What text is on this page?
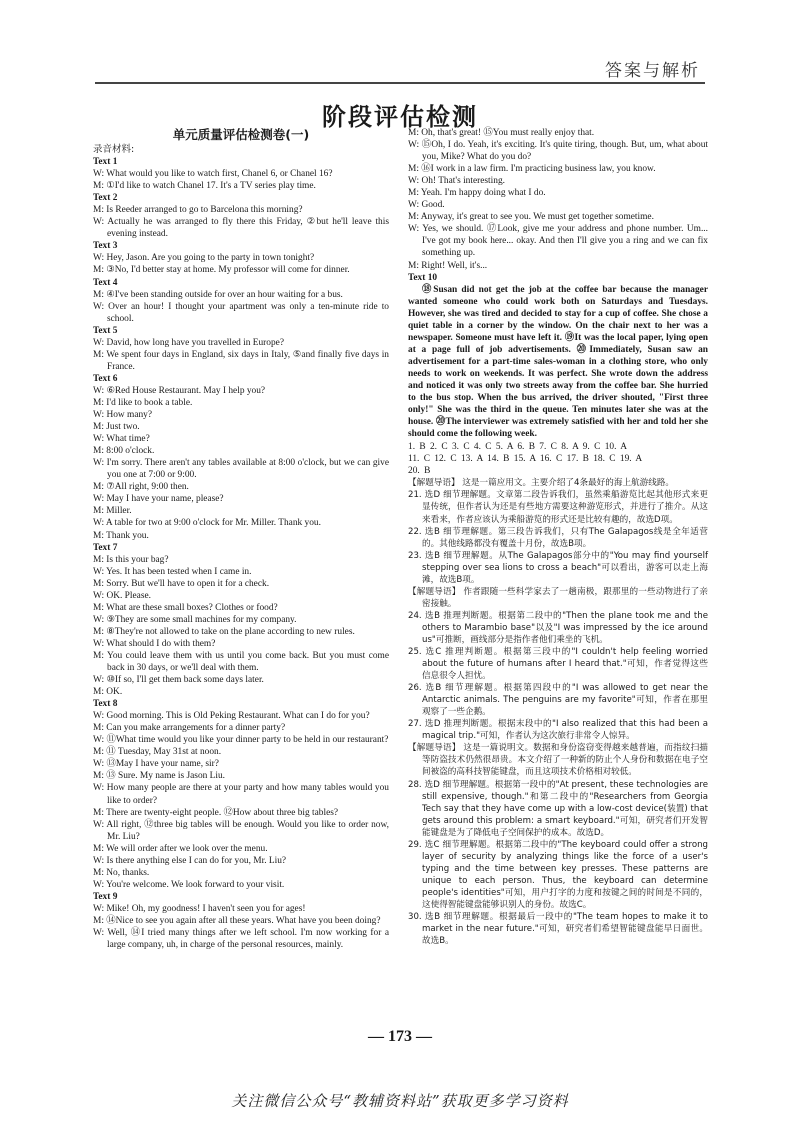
答案与解析
阶段评估检测
单元质量评估检测卷(一)
录音材料:
Text 1
W: What would you like to watch first, Chanel 6, or Chanel 16?
M: ①I'd like to watch Chanel 17. It's a TV series play time.
Text 2
M: Is Reeder arranged to go to Barcelona this morning?
W: Actually he was arranged to fly there this Friday, ②but he'll leave this evening instead.
Text 3
W: Hey, Jason. Are you going to the party in town tonight?
M: ③No, I'd better stay at home. My professor will come for dinner.
Text 4
M: ④I've been standing outside for over an hour waiting for a bus.
W: Over an hour! I thought your apartment was only a ten-minute ride to school.
Text 5
W: David, how long have you travelled in Europe?
M: We spent four days in England, six days in Italy, ⑤and finally five days in France.
Text 6
W: ⑥Red House Restaurant. May I help you?
M: I'd like to book a table.
W: How many?
M: Just two.
W: What time?
M: 8:00 o'clock.
W: I'm sorry. There aren't any tables available at 8:00 o'clock, but we can give you one at 7:00 or 9:00.
M: ⑦All right, 9:00 then.
W: May I have your name, please?
M: Miller.
W: A table for two at 9:00 o'clock for Mr. Miller. Thank you.
M: Thank you.
Text 7
M: Is this your bag?
W: Yes. It has been tested when I came in.
M: Sorry. But we'll have to open it for a check.
W: OK. Please.
M: What are these small boxes? Clothes or food?
W: ⑨They are some small machines for my company.
M: ⑧They're not allowed to take on the plane according to new rules.
W: What should I do with them?
M: You could leave them with us until you come back. But you must come back in 30 days, or we'll deal with them.
W: ⑩If so, I'll get them back some days later.
M: OK.
Text 8
W: Good morning. This is Old Peking Restaurant. What can I do for you?
M: Can you make arrangements for a dinner party?
W: ⑪What time would you like your dinner party to be held in our restaurant?
M: ⑪ Tuesday, May 31st at noon.
W: ⑬May I have your name, sir?
M: ⑬ Sure. My name is Jason Liu.
W: How many people are there at your party and how many tables would you like to order?
M: There are twenty-eight people. ⑫How about three big tables?
W: All right, ⑫three big tables will be enough. Would you like to order now, Mr. Liu?
M: We will order after we look over the menu.
W: Is there anything else I can do for you, Mr. Liu?
M: No, thanks.
W: You're welcome. We look forward to your visit.
Text 9
W: Mike! Oh, my goodness! I haven't seen you for ages!
M: ⑭Nice to see you again after all these years. What have you been doing?
W: Well, ⑭I tried many things after we left school. I'm now working for a large company, uh, in charge of the personal resources, mainly.
M: Oh, that's great! ⑮You must really enjoy that.
W: ⑮Oh, I do. Yeah, it's exciting. It's quite tiring, though. But, um, what about you, Mike? What do you do?
M: ⑯I work in a law firm. I'm practicing business law, you know.
W: Oh! That's interesting.
M: Yeah. I'm happy doing what I do.
W: Good.
M: Anyway, it's great to see you. We must get together sometime.
W: Yes, we should. ⑰Look, give me your address and phone number. Um... I've got my book here... okay. And then I'll give you a ring and we can fix something up.
M: Right! Well, it's...
Text 10
⑱Susan did not get the job at the coffee bar because the manager wanted someone who could work both on Saturdays and Tuesdays. However, she was tired and decided to stay for a cup of coffee. She chose a quiet table in a corner by the window. On the chair next to her was a newspaper. Someone must have left it. ⑲It was the local paper, lying open at a page full of job advertisements. ⑳Immediately, Susan saw an advertisement for a part-time sales-woman in a clothing store, who only needs to work on weekends. It was perfect. She wrote down the address and noticed it was only two streets away from the coffee bar. She hurried to the bus stop. When the bus arrived, the driver shouted, "First three only!" She was the third in the queue. Ten minutes later she was at the house. ⑳The interviewer was extremely satisfied with her and told her she should come the following week.
1. B 2. C 3. C 4. C 5. A 6. B 7. C 8. A 9. C 10. A
11. C 12. C 13. A 14. B 15. A 16. C 17. B 18. C 19. A
20. B
【解题导语】 这是一篇应用文。主要介绍了4条最好的海上航游线路。
21. 选D 细节理解题。文章第二段告诉我们，虽然乘船游览比起其他形式来更显传统，但作者认为还是有些地方需要这种游览形式，并进行了推介。从这来看来，作者应该认为乘船游览的形式还是比较有趣的，故选D项。
22. 选B 细节理解题。第三段告诉我们，只有The Galapagos线是全年适营的。其他线路都没有覆盖十月份，故选B项。
23. 选B 细节理解题。从The Galapagos部分中的"You may find yourself stepping over sea lions to cross a beach"可以看出，游客可以走上海滩，故选B项。
【解题导语】 作者跟随一些科学家去了一趟南极，跟那里的一些动物进行了亲密接触。
24. 选B 推理判断题。根据第二段中的"Then the plane took me and the others to Marambio base"以及"I was impressed by the ice around us"可推断，画线部分是指作者他们乘坐的飞机。
25. 选C 推理判断题。根据第三段中的"I couldn't help feeling worried about the future of humans after I heard that."可知，作者觉得这些信息很令人担忧。
26. 选B 细节理解题。根据第四段中的"I was allowed to get near the Antarctic animals. The penguins are my favorite"可知，作者在那里观察了一些企鹅。
27. 选D 推理判断题。根据末段中的"I also realized that this had been a magical trip."可知，作者认为这次旅行非常令人惊异。
【解题导语】 这是一篇说明文。数据和身份盗窃变得越来越普遍，而指纹扫描等防盗技术仍然很昂贵。本文介绍了一种新的防止个人身份和数据在电子空间被盗的高科技智能键盘，而且这项技术价格相对较低。
28. 选D 细节理解题。根据第一段中的"At present, these technologies are still expensive, though."和第二段中的"Researchers from Georgia Tech say that they have come up with a low-cost device(装置) that gets around this problem: a smart keyboard."可知，研究者们开发智能键盘是为了降低电子空间保护的成本。故选D。
29. 选C 细节理解题。根据第二段中的"The keyboard could offer a strong layer of security by analyzing things like the force of a user's typing and the time between key presses. These patterns are unique to each person. Thus, the keyboard can determine people's identities"可知，用户打字的力度和按键之间的时间是不同的，这使得智能键盘能够识别人的身份。故选C。
30. 选B 细节理解题。根据最后一段中的"The team hopes to make it to market in the near future."可知，研究者们希望智能键盘能早日面世。故选B。
— 173 —
关注微信公众号“教辅资料站”获取更多学习资料
